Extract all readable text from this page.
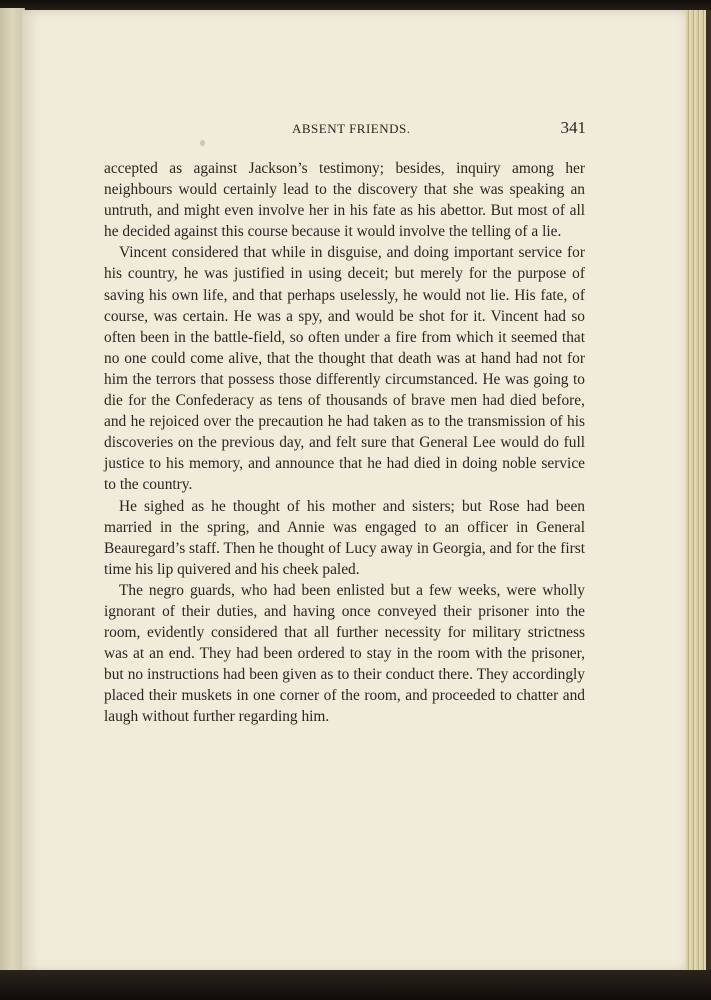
ABSENT FRIENDS.	341

accepted as against Jackson’s testimony; besides, inquiry among her neighbours would certainly lead to the discovery that she was speaking an untruth, and might even involve her in his fate as his abettor. But most of all he decided against this course because it would involve the telling of a lie.

Vincent considered that while in disguise, and doing important service for his country, he was justified in using deceit; but merely for the purpose of saving his own life, and that perhaps uselessly, he would not lie. His fate, of course, was certain. He was a spy, and would be shot for it. Vincent had so often been in the battle-field, so often under a fire from which it seemed that no one could come alive, that the thought that death was at hand had not for him the terrors that possess those differently circumstanced. He was going to die for the Confederacy as tens of thousands of brave men had died before, and he rejoiced over the precaution he had taken as to the transmission of his discoveries on the previous day, and felt sure that General Lee would do full justice to his memory, and announce that he had died in doing noble service to the country.

He sighed as he thought of his mother and sisters; but Rose had been married in the spring, and Annie was engaged to an officer in General Beauregard’s staff. Then he thought of Lucy away in Georgia, and for the first time his lip quivered and his cheek paled.

The negro guards, who had been enlisted but a few weeks, were wholly ignorant of their duties, and having once conveyed their prisoner into the room, evidently considered that all further necessity for military strictness was at an end. They had been ordered to stay in the room with the prisoner, but no instructions had been given as to their conduct there. They accordingly placed their muskets in one corner of the room, and proceeded to chatter and laugh without further regarding him.
